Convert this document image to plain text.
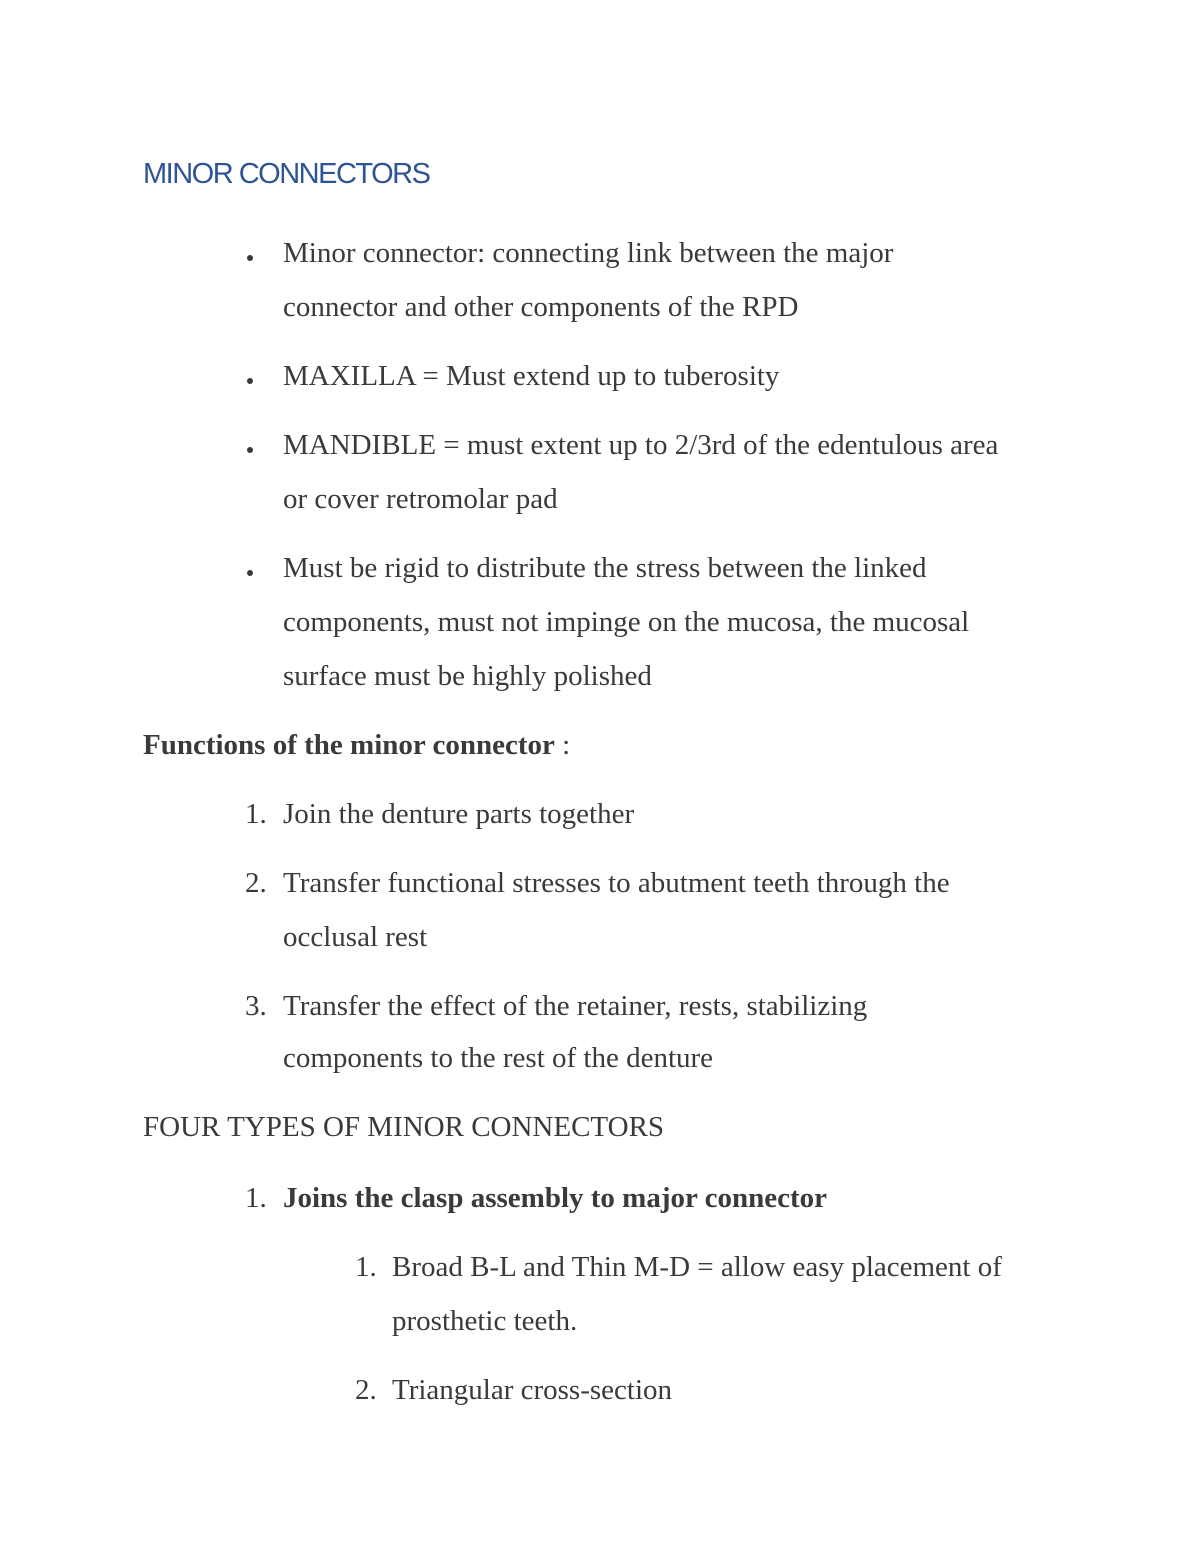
MINOR CONNECTORS

Minor connector: connecting link between the major

connector and other components of the RPD

MAXILLA = Must extend up to tuberosity

MANDIBLE = must extent up to 2/3rd of the edentulous area

or cover retromolar pad

Must be rigid to distribute the stress between the linked

components, must not impinge on the mucosa, the mucosal

surface must be highly polished

Functions of the minor connector :

1. Join the denture parts together

2. Transfer functional stresses to abutment teeth through the

occlusal rest

3. Transfer the effect of the retainer, rests, stabilizing

components to the rest of the denture

FOUR TYPES OF MINOR CONNECTORS

1. Joins the clasp assembly to major connector

1. Broad B-L and Thin M-D = allow easy placement of

prosthetic teeth.

2. Triangular cross-section
